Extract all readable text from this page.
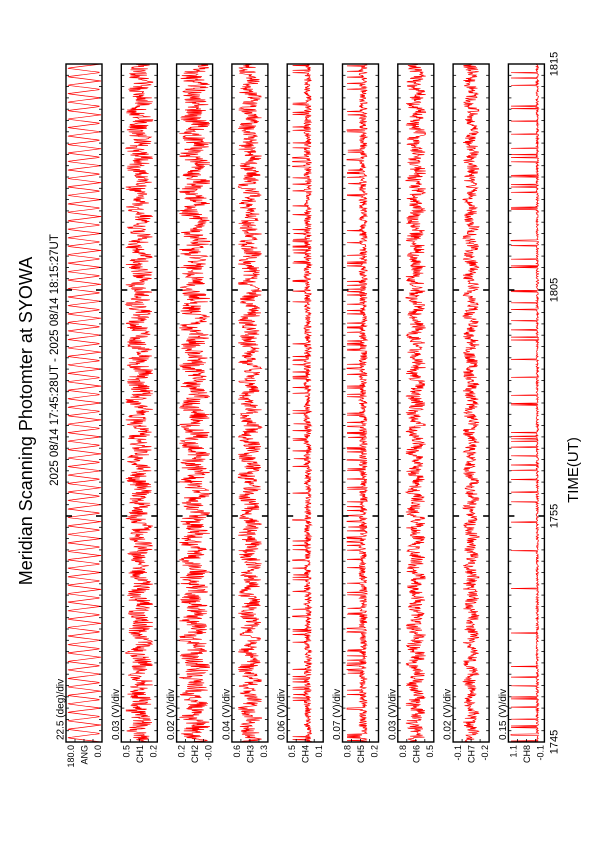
Meridian Scanning Photomter at SYOWA 2025 08/14 17:45:28UT - 2025 08/14 18:15:27UT	TIME(UT)
22.5 (deg)/div
180.0 0.0
ANG
0.03 (V)/div
0.5 0.2
CH1
0.02 (V)/div
0.2 -0.0
CH2
0.04 (V)/div
0.6 0.3
CH3
0.06 (V)/div
0.5 0.1
CH4
0.07 (V)/div
0.8 0.2
CH5
0.03 (V)/div
0.8 0.5
CH6
0.02 (V)/div
-0.1 -0.2
CH7
0.15 (V)/div
1.1 -0.1
CH8 1745
1755
1805
1815
